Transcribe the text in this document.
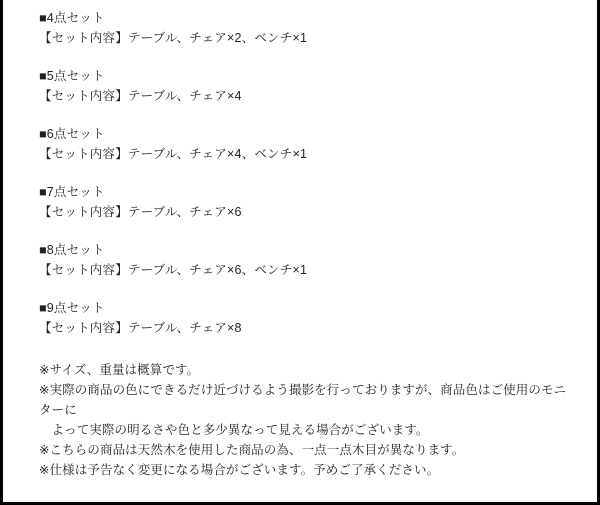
■4点セット
【セット内容】テーブル、チェア×2、ベンチ×1
■5点セット
【セット内容】テーブル、チェア×4
■6点セット
【セット内容】テーブル、チェア×4、ベンチ×1
■7点セット
【セット内容】テーブル、チェア×6
■8点セット
【セット内容】テーブル、チェア×6、ベンチ×1
■9点セット
【セット内容】テーブル、チェア×8
※サイズ、重量は概算です。
※実際の商品の色にできるだけ近づけるよう撮影を行っておりますが、商品色はご使用のモニターに
よって実際の明るさや色と多少異なって見える場合がございます。
※こちらの商品は天然木を使用した商品の為、一点一点木目が異なります。
※仕様は予告なく変更になる場合がございます。予めご了承ください。
